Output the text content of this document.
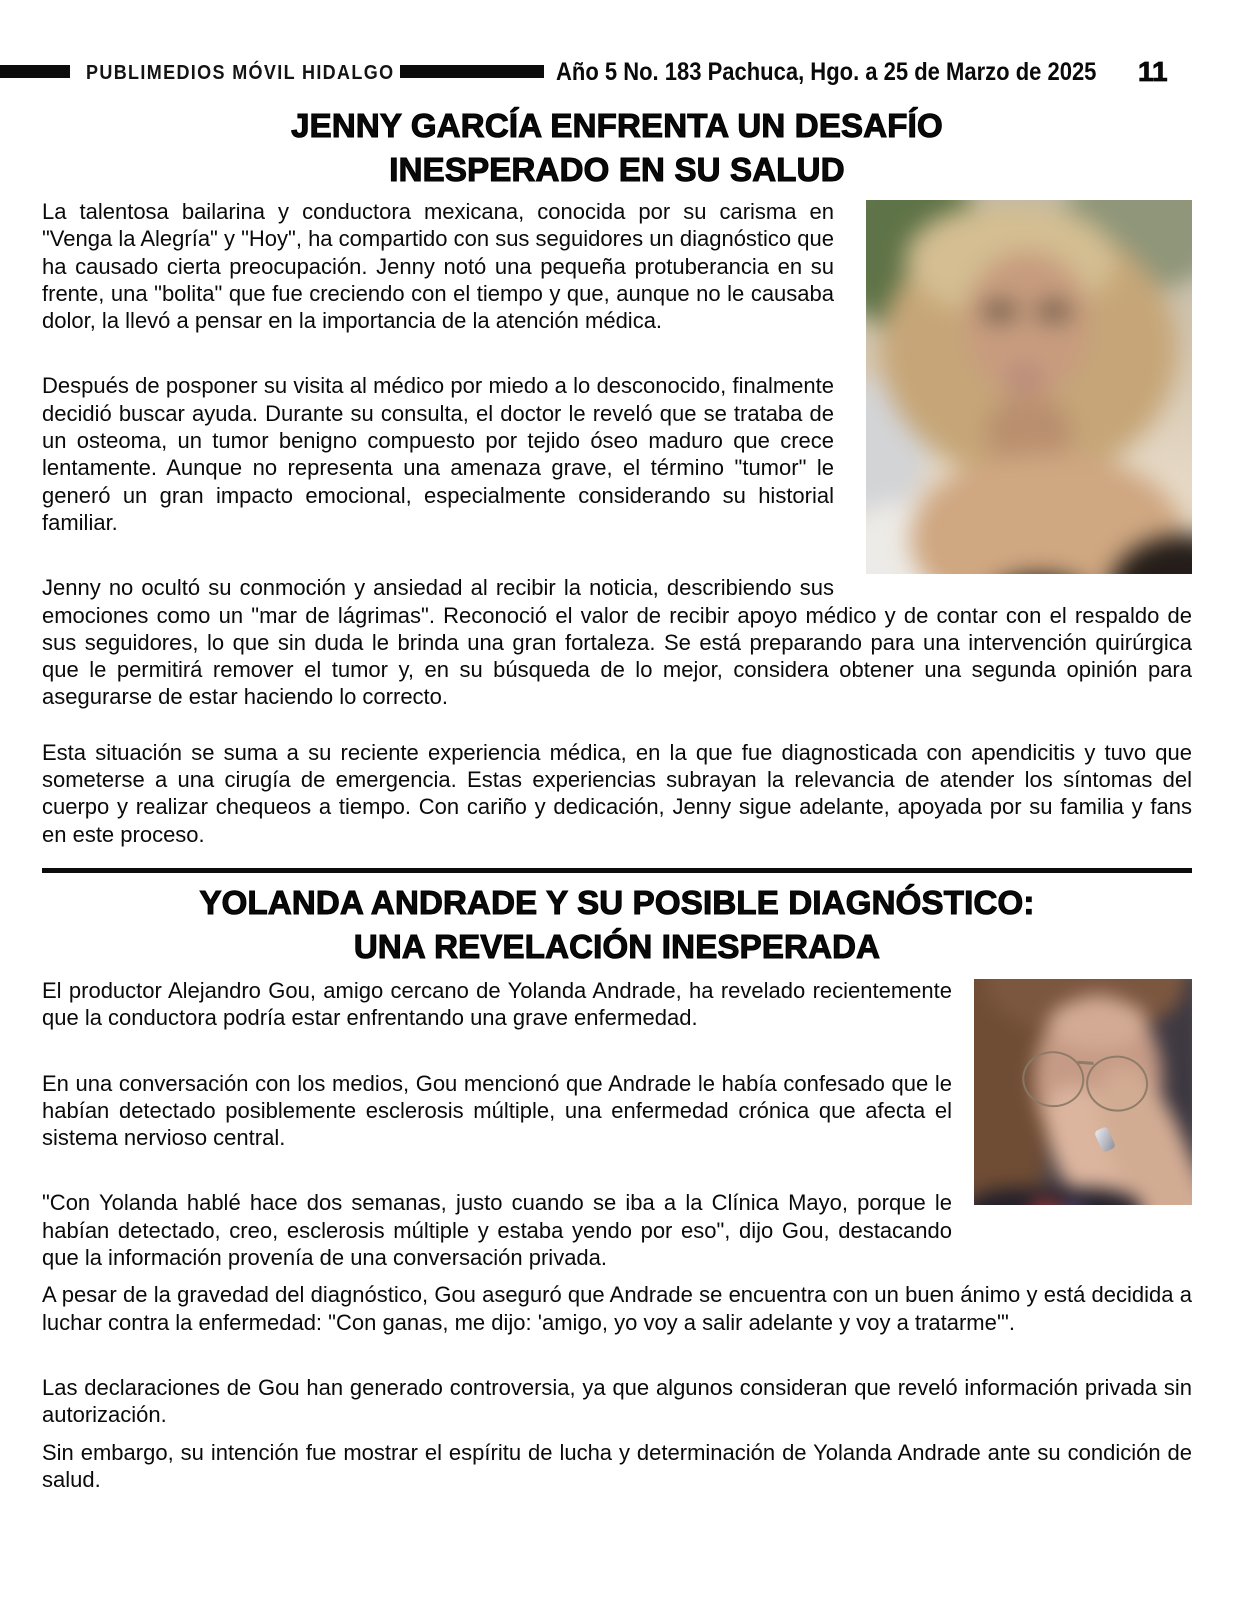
PUBLIMEDIOS MÓVIL HIDALGO	Año 5 No. 183 Pachuca, Hgo. a 25 de Marzo de 2025 11
JENNY GARCÍA ENFRENTA UN DESAFÍO
INESPERADO EN SU SALUD

La talentosa bailarina y conductora mexicana, conocida por su carisma en "Venga la Alegría" y "Hoy", ha compartido con sus seguidores un diagnóstico que ha causado cierta preocupación. Jenny notó una pequeña protuberancia en su frente, una "bolita" que fue creciendo con el tiempo y que, aunque no le causaba dolor, la llevó a pensar en la importancia de la atención médica.

Después de posponer su visita al médico por miedo a lo desconocido, finalmente decidió buscar ayuda. Durante su consulta, el doctor le reveló que se trataba de un osteoma, un tumor benigno compuesto por tejido óseo maduro que crece lentamente. Aunque no representa una amenaza grave, el término "tumor" le generó un gran impacto emocional, especialmente considerando su historial familiar.

Jenny no ocultó su conmoción y ansiedad al recibir la noticia, describiendo sus emociones como un "mar de lágrimas". Reconoció el valor de recibir apoyo médico y de contar con el respaldo de sus seguidores, lo que sin duda le brinda una gran fortaleza. Se está preparando para una intervención quirúrgica que le permitirá remover el tumor y, en su búsqueda de lo mejor, considera obtener una segunda opinión para asegurarse de estar haciendo lo correcto.

Esta situación se suma a su reciente experiencia médica, en la que fue diagnosticada con apendicitis y tuvo que someterse a una cirugía de emergencia. Estas experiencias subrayan la relevancia de atender los síntomas del cuerpo y realizar chequeos a tiempo. Con cariño y dedicación, Jenny sigue adelante, apoyada por su familia y fans en este proceso.

YOLANDA ANDRADE Y SU POSIBLE DIAGNÓSTICO:
UNA REVELACIÓN INESPERADA

El productor Alejandro Gou, amigo cercano de Yolanda Andrade, ha revelado recientemente que la conductora podría estar enfrentando una grave enfermedad.

En una conversación con los medios, Gou mencionó que Andrade le había confesado que le habían detectado posiblemente esclerosis múltiple, una enfermedad crónica que afecta el sistema nervioso central.

"Con Yolanda hablé hace dos semanas, justo cuando se iba a la Clínica Mayo, porque le habían detectado, creo, esclerosis múltiple y estaba yendo por eso", dijo Gou, destacando que la información provenía de una conversación privada.

A pesar de la gravedad del diagnóstico, Gou aseguró que Andrade se encuentra con un buen ánimo y está decidida a luchar contra la enfermedad: "Con ganas, me dijo: 'amigo, yo voy a salir adelante y voy a tratarme'".

Las declaraciones de Gou han generado controversia, ya que algunos consideran que reveló información privada sin autorización.

Sin embargo, su intención fue mostrar el espíritu de lucha y determinación de Yolanda Andrade ante su condición de salud.
